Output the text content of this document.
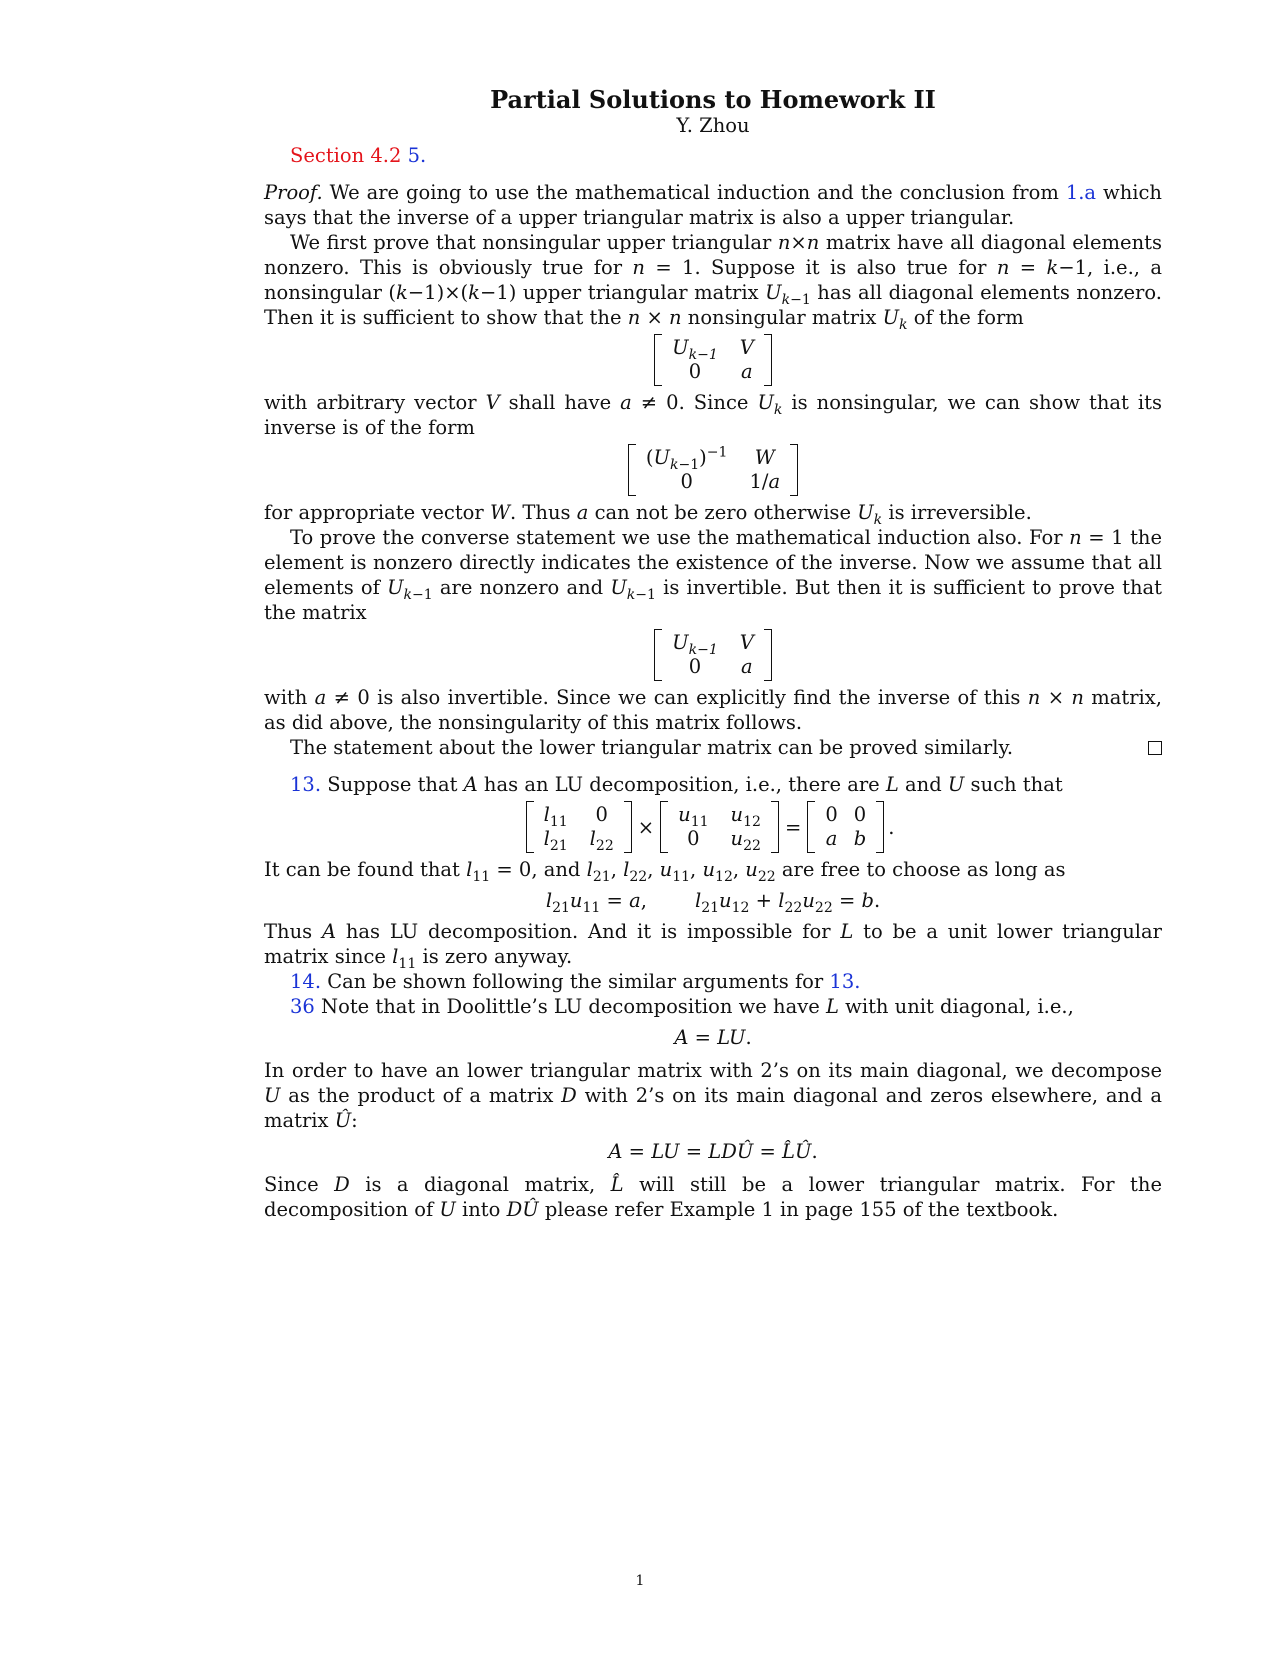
Partial Solutions to Homework II
Y. Zhou
Section 4.2 5.

Proof. We are going to use the mathematical induction and the conclusion from 1.a which says that the inverse of a upper triangular matrix is also a upper triangular.

We first prove that nonsingular upper triangular n×n matrix have all diagonal elements nonzero. This is obviously true for n = 1. Suppose it is also true for n = k−1, i.e., a nonsingular (k−1)×(k−1) upper triangular matrix $U_{k-1}$ has all diagonal elements nonzero. Then it is sufficient to show that the n × n nonsingular matrix $U_k$ of the form

$U_{k-1}$ V
0	a

with arbitrary vector V shall have a ≠ 0. Since $U_k$ is nonsingular, we can show that its inverse is of the form

$(U_{k-1})^{-1}$ W
0	1/a

for appropriate vector W. Thus a can not be zero otherwise $U_k$ is irreversible.

To prove the converse statement we use the mathematical induction also. For n = 1 the element is nonzero directly indicates the existence of the inverse. Now we assume that all elements of $U_{k-1}$ are nonzero and $U_{k-1}$ is invertible. But then it is sufficient to prove that the matrix

$U_{k-1}$ V
0	a

with a ≠ 0 is also invertible. Since we can explicitly find the inverse of this n × n matrix, as did above, the nonsingularity of this matrix follows.

The statement about the lower triangular matrix can be proved similarly.

13. Suppose that A has an LU decomposition, i.e., there are L and U such that

$l_{11}$ 0
$l_{21}$ $l_{22}$
×
$u_{11}$ $u_{12}$
0	$u_{22}$
=
0 0
a b .

It can be found that $l_{11} = 0$, and $l_{21}$, $l_{22}$, $u_{11}$, $u_{12}$, $u_{22}$ are free to choose as long as

$l_{21}u_{11} = a$, $l_{21}u_{12} + l_{22}u_{22} = b$.

Thus A has LU decomposition. And it is impossible for L to be a unit lower triangular matrix since $l_{11}$ is zero anyway.

14. Can be shown following the similar arguments for 13.

36 Note that in Doolittle’s LU decomposition we have L with unit diagonal, i.e.,

A = LU.

In order to have an lower triangular matrix with 2’s on its main diagonal, we decompose U as the product of a matrix D with 2’s on its main diagonal and zeros elsewhere, and a matrix Û:

A = LU = LDÛ = L̂Û.

Since D is a diagonal matrix, L̂ will still be a lower triangular matrix. For the decomposition of U into DÛ please refer Example 1 in page 155 of the textbook.

1
